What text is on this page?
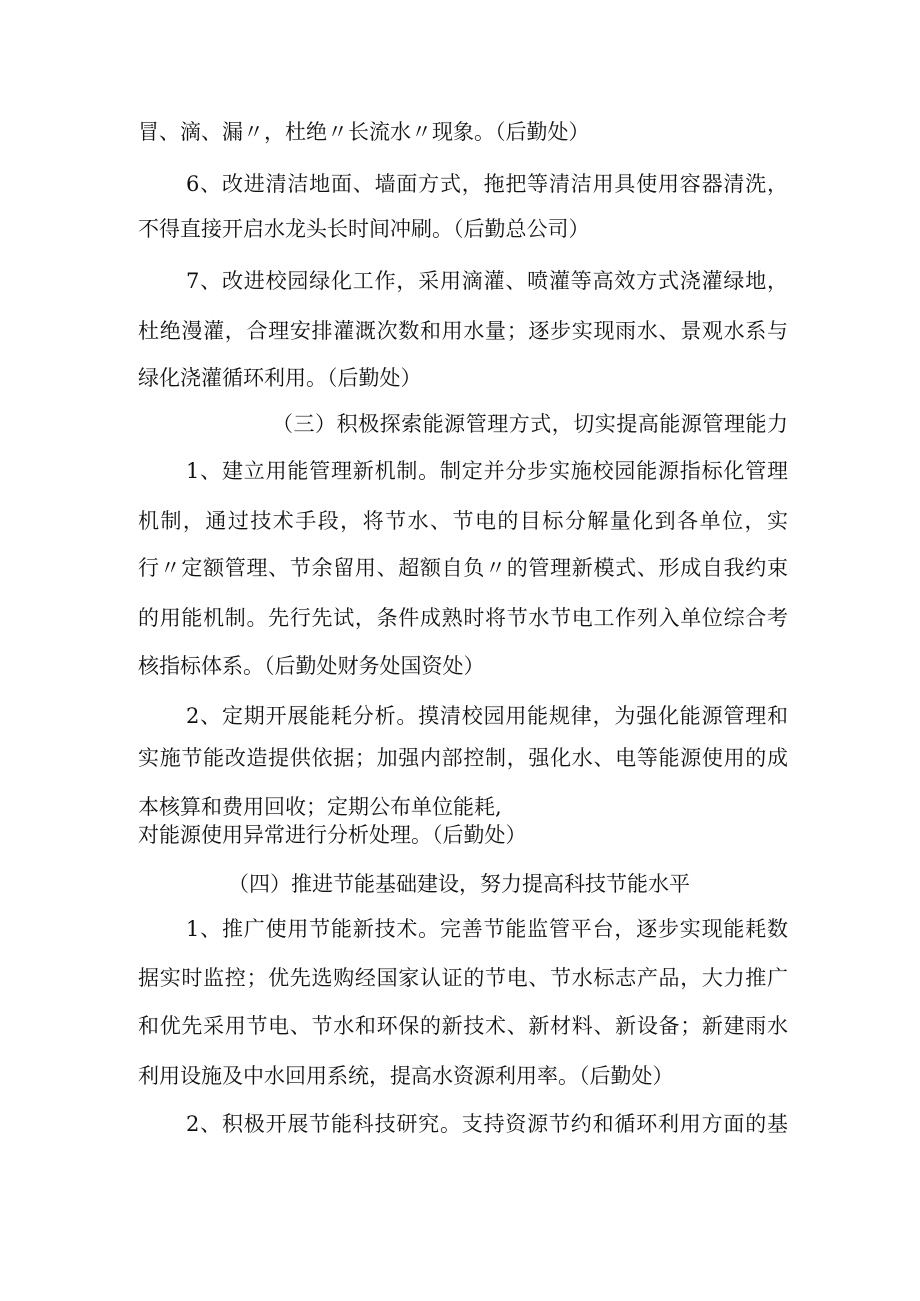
冒、滴、漏〃，杜绝〃长流水〃现象。（后勤处）
6、改进清洁地面、墙面方式，拖把等清洁用具使用容器清洗，
不得直接开启水龙头长时间冲刷。（后勤总公司）
7、改进校园绿化工作，采用滴灌、喷灌等高效方式浇灌绿地，
杜绝漫灌，合理安排灌溉次数和用水量；逐步实现雨水、景观水系与
绿化浇灌循环利用。（后勤处）
（三）积极探索能源管理方式，切实提高能源管理能力
1、建立用能管理新机制。制定并分步实施校园能源指标化管理
机制，通过技术手段，将节水、节电的目标分解量化到各单位，实
行〃定额管理、节余留用、超额自负〃的管理新模式、形成自我约束
的用能机制。先行先试，条件成熟时将节水节电工作列入单位综合考
核指标体系。（后勤处财务处国资处）
2、定期开展能耗分析。摸清校园用能规律，为强化能源管理和
实施节能改造提供依据；加强内部控制，强化水、电等能源使用的成
本核算和费用回收；定期公布单位能耗,
对能源使用异常进行分析处理。（后勤处）
（四）推进节能基础建设，努力提高科技节能水平
1、推广使用节能新技术。完善节能监管平台，逐步实现能耗数
据实时监控；优先选购经国家认证的节电、节水标志产品，大力推广
和优先采用节电、节水和环保的新技术、新材料、新设备；新建雨水
利用设施及中水回用系统，提高水资源利用率。（后勤处）
2、积极开展节能科技研究。支持资源节约和循环利用方面的基
